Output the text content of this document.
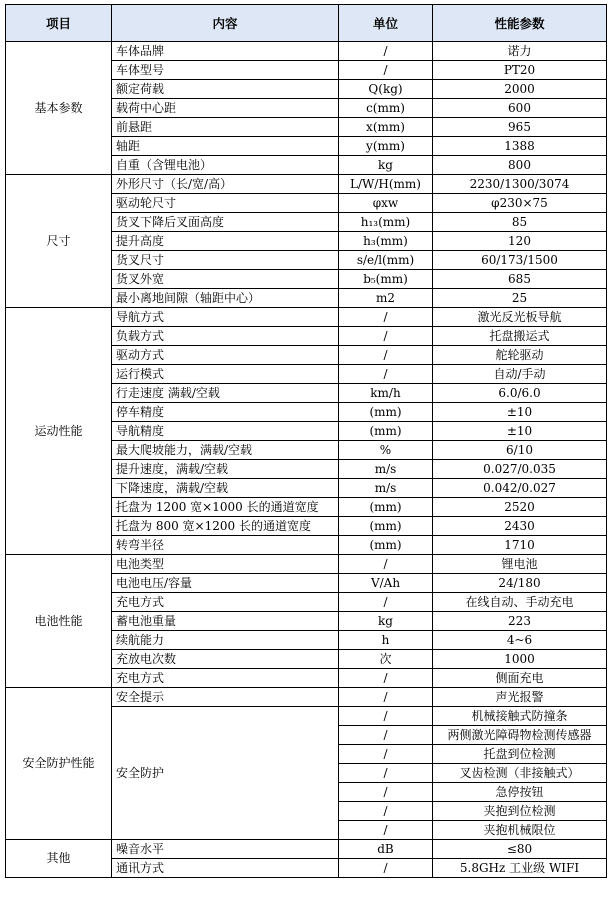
项目	内容	单位	性能参数
基本参数	车体品牌	/	诺力
	车体型号	/	PT20
	额定荷载	Q(kg)	2000
	载荷中心距	c(mm)	600
	前悬距	x(mm)	965
	轴距	y(mm)	1388
	自重（含锂电池）	kg	800
尺寸	外形尺寸（长/宽/高）	L/W/H(mm)	2230/1300/3074
	驱动轮尺寸	φxw	φ230×75
	货叉下降后叉面高度	h₁₃(mm)	85
	提升高度	h₃(mm)	120
	货叉尺寸	s/e/l(mm)	60/173/1500
	货叉外宽	b₅(mm)	685
	最小离地间隙（轴距中心）	m2	25
运动性能	导航方式	/	激光反光板导航
	负载方式	/	托盘搬运式
	驱动方式	/	舵轮驱动
	运行模式	/	自动/手动
	行走速度 满载/空载	km/h	6.0/6.0
	停车精度	(mm)	±10
	导航精度	(mm)	±10
	最大爬坡能力，满载/空载	%	6/10
	提升速度，满载/空载	m/s	0.027/0.035
	下降速度，满载/空载	m/s	0.042/0.027
	托盘为 1200 宽×1000 长的通道宽度	(mm)	2520
	托盘为 800 宽×1200 长的通道宽度	(mm)	2430
	转弯半径	(mm)	1710
电池性能	电池类型	/	锂电池
	电池电压/容量	V/Ah	24/180
	充电方式	/	在线自动、手动充电
	蓄电池重量	kg	223
	续航能力	h	4~6
	充放电次数	次	1000
	充电方式	/	侧面充电
安全防护性能	安全提示	/	声光报警
	安全防护	/	机械接触式防撞条
		/	两侧激光障碍物检测传感器
		/	托盘到位检测
		/	叉齿检测（非接触式）
		/	急停按钮
		/	夹抱到位检测
		/	夹抱机械限位
其他	噪音水平	dB	≤80
	通讯方式	/	5.8GHz 工业级 WIFI
